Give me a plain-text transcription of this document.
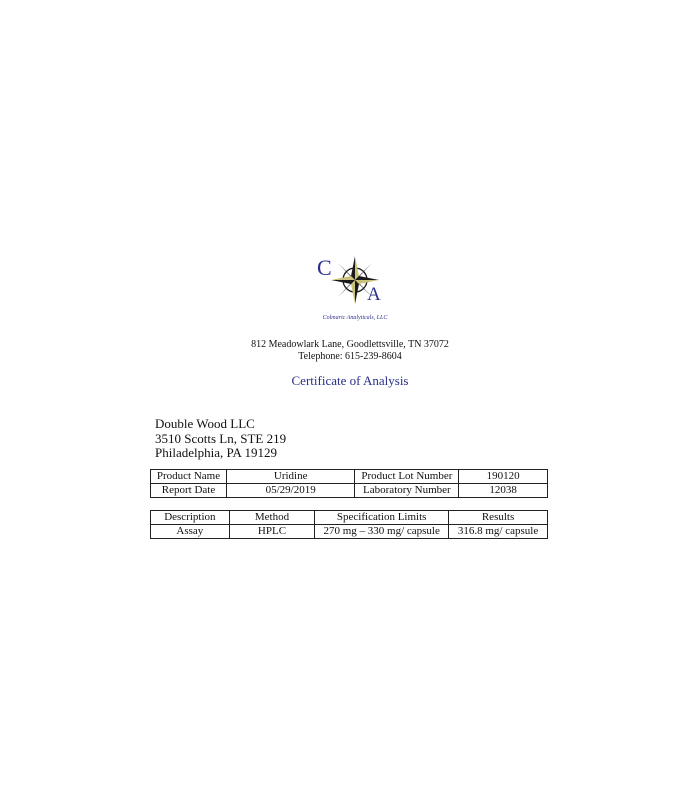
C
A
Colmaric Analyticals, LLC
812 Meadowlark Lane, Goodlettsville, TN 37072
Telephone: 615-239-8604
Certificate of Analysis
Double Wood LLC
3510 Scotts Ln, STE 219
Philadelphia, PA 19129
Product Name	Uridine	Product Lot Number	190120
Report Date	05/29/2019	Laboratory Number	12038
Description	Method	Specification Limits	Results
Assay	HPLC	270 mg – 330 mg/ capsule	316.8 mg/ capsule
